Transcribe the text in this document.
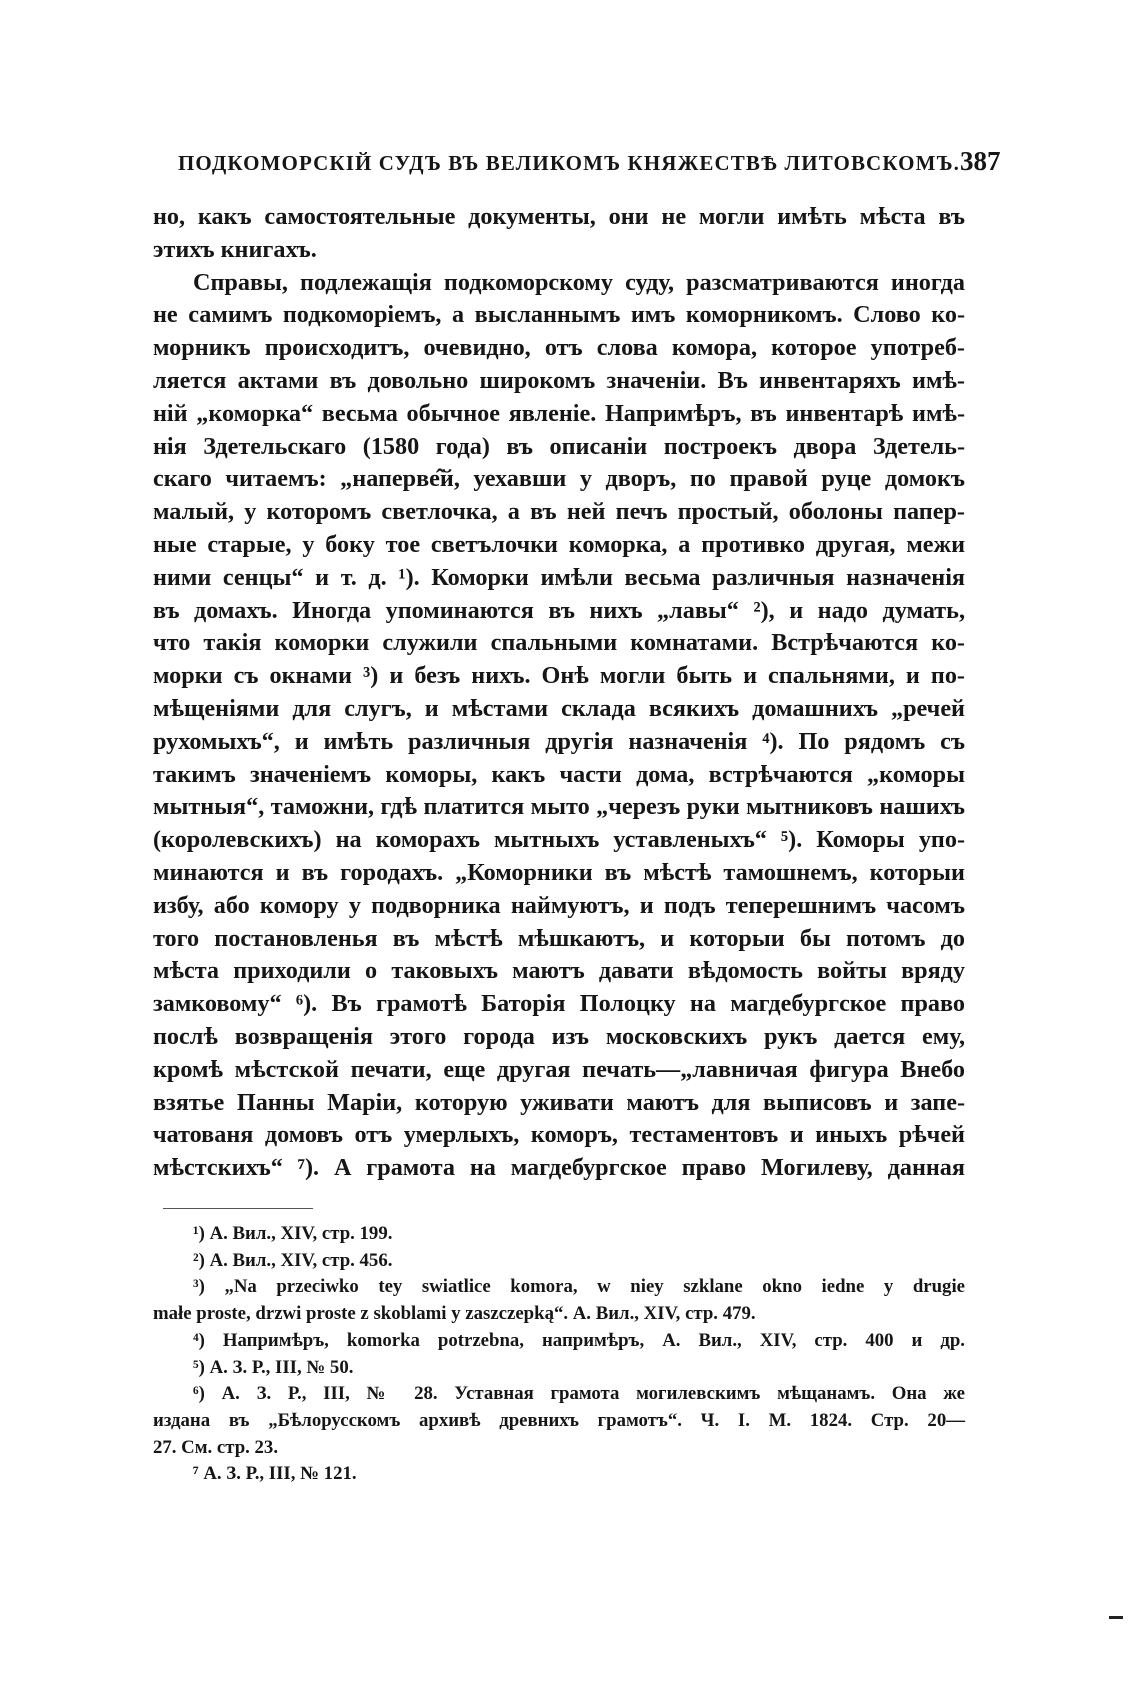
ПОДКОМОРСКІЙ СУДЪ ВЪ ВЕЛИКОМЪ КНЯЖЕСТВѢ ЛИТОВСКОМЪ. 387
но, какъ самостоятельные документы, они не могли имѣть мѣста въ
этихъ книгахъ.
Справы, подлежащія подкоморскому суду, разсматриваются иногда
не самимъ подкоморіемъ, а высланнымъ имъ коморникомъ. Слово ко-
морникъ происходитъ, очевидно, отъ слова комора, которое употреб-
ляется актами въ довольно широкомъ значеніи. Въ инвентаряхъ имѣ-
ній „коморка“ весьма обычное явленіе. Напримѣръ, въ инвентарѣ имѣ-
нія Здетельскаго (1580 года) въ описаніи построекъ двора Здетель-
скаго читаемъ: „наперве̂й, уехавши у дворъ, по правой руце домокъ
малый, у которомъ светлочка, а въ ней печъ простый, оболоны папер-
ные старые, у боку тое светълочки коморка, а противко другая, межи
ними сенцы“ и т. д. ¹). Коморки имѣли весьма различныя назначенія
въ домахъ. Иногда упоминаются въ нихъ „лавы“ ²), и надо думать,
что такія коморки служили спальными комнатами. Встрѣчаются ко-
морки съ окнами ³) и безъ нихъ. Онѣ могли быть и спальнями, и по-
мѣщеніями для слугъ, и мѣстами склада всякихъ домашнихъ „речей
рухомыхъ“, и имѣть различныя другія назначенія ⁴). По рядомъ съ
такимъ значеніемъ коморы, какъ части дома, встрѣчаются „коморы
мытныя“, таможни, гдѣ платится мыто „черезъ руки мытниковъ нашихъ
(королевскихъ) на коморахъ мытныхъ уставленыхъ“ ⁵). Коморы упо-
минаются и въ городахъ. „Коморники въ мѣстѣ тамошнемъ, которыи
избу, або комору у подворника наймуютъ, и подъ теперешнимъ часомъ
того постановленья въ мѣстѣ мѣшкаютъ, и которыи бы потомъ до
мѣста приходили о таковыхъ маютъ давати вѣдомость войты вряду
замковому“ ⁶). Въ грамотѣ Баторія Полоцку на магдебургское право
послѣ возвращенія этого города изъ московскихъ рукъ дается ему,
кромѣ мѣстской печати, еще другая печать—„лавничая фигура Внебо
взятье Панны Маріи, которую уживати маютъ для выписовъ и запе-
чатованя домовъ отъ умерлыхъ, коморъ, тестаментовъ и иныхъ рѣчей
мѣстскихъ“ ⁷). А грамота на магдебургское право Могилеву, данная
¹) А. Вил., XIV, стр. 199.
²) А. Вил., XIV, стр. 456.
³) „Na przeciwko tey swiatlice komora, w niey szklane okno iedne y drugie
małe proste, drzwi proste z skoblami y zaszczepką“. А. Вил., XIV, стр. 479.
⁴) Напримѣръ, komorka potrzebna, напримѣръ, А. Вил., XIV, стр. 400 и др.
⁵) А. З. Р., III, № 50.
⁶) А. З. Р., III, № 28. Уставная грамота могилевскимъ мѣщанамъ. Она же
издана въ „Бѣлорусскомъ архивѣ древнихъ грамотъ“. Ч. I. М. 1824. Стр. 20—
27. См. стр. 23.
⁷ А. З. Р., III, № 121.
